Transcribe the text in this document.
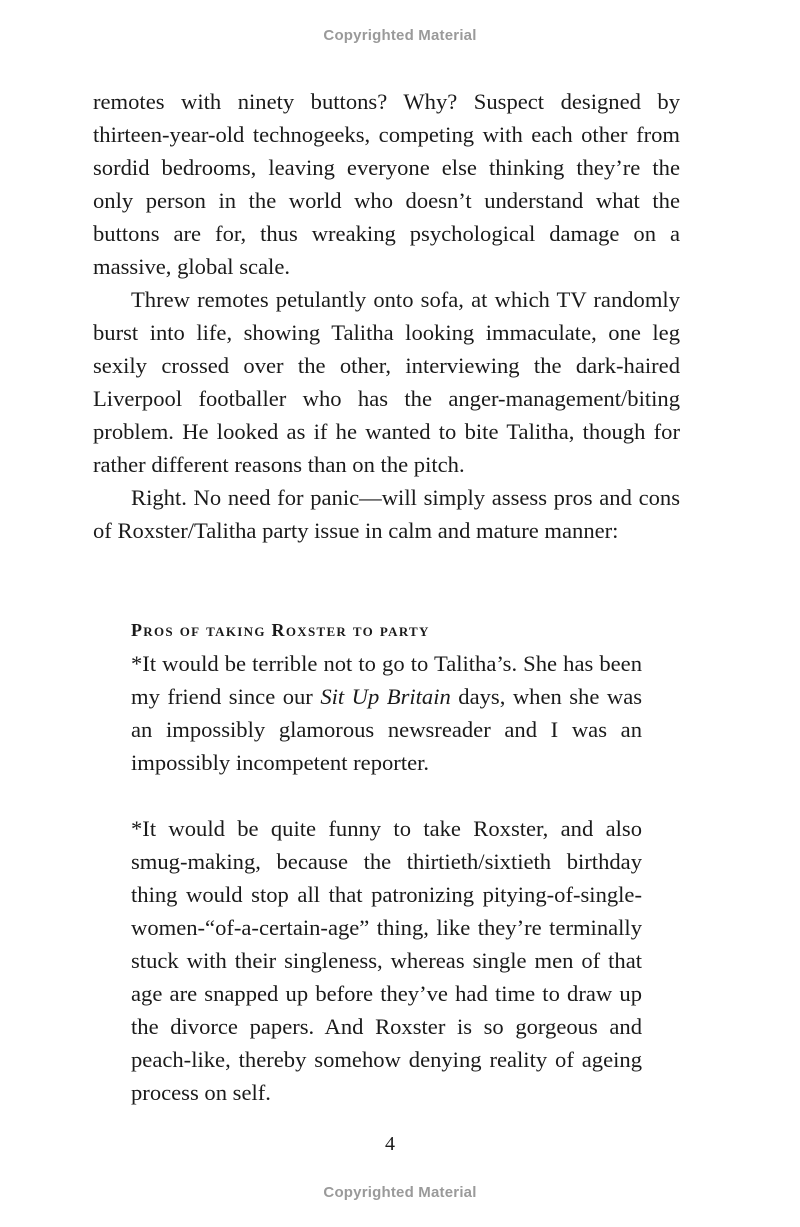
Copyrighted Material

remotes with ninety buttons? Why? Suspect designed by thirteen-year-old technogeeks, competing with each other from sordid bedrooms, leaving everyone else thinking they’re the only person in the world who doesn’t understand what the buttons are for, thus wreaking psychological damage on a massive, global scale.

Threw remotes petulantly onto sofa, at which TV randomly burst into life, showing Talitha looking immaculate, one leg sexily crossed over the other, interviewing the dark-haired Liverpool footballer who has the anger-management/biting problem. He looked as if he wanted to bite Talitha, though for rather different reasons than on the pitch.

Right. No need for panic—will simply assess pros and cons of Roxster/Talitha party issue in calm and mature manner:

Pros of taking Roxster to party

*It would be terrible not to go to Talitha’s. She has been my friend since our Sit Up Britain days, when she was an impossibly glamorous newsreader and I was an impossibly incompetent reporter.

*It would be quite funny to take Roxster, and also smug-making, because the thirtieth/sixtieth birthday thing would stop all that patronizing pitying-of-single-women-“of-a-certain-age” thing, like they’re terminally stuck with their singleness, whereas single men of that age are snapped up before they’ve had time to draw up the divorce papers. And Roxster is so gorgeous and peach-like, thereby somehow denying reality of ageing process on self.

4
Copyrighted Material
